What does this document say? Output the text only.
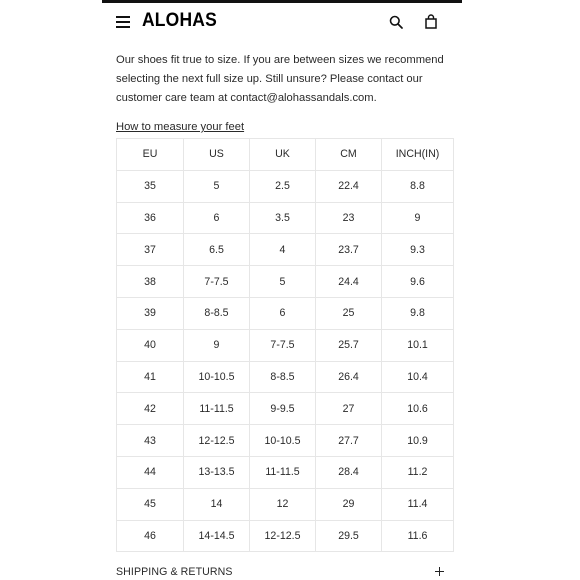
ALOHAS

Our shoes fit true to size. If you are between sizes we recommend

selecting the next full size up. Still unsure? Please contact our

customer care team at contact@alohassandals.com.

How to measure your feet
EU	US	UK	CM	INCH(IN)
35	5	2.5	22.4	8.8
36	6	3.5	23	9
37	6.5	4	23.7	9.3
38	7-7.5	5	24.4	9.6
39	8-8.5	6	25	9.8
40	9	7-7.5	25.7	10.1
41	10-10.5	8-8.5	26.4	10.4
42	11-11.5	9-9.5	27	10.6
43	12-12.5	10-10.5	27.7	10.9
44	13-13.5	11-11.5	28.4	11.2
45	14	12	29	11.4
46	14-14.5	12-12.5	29.5	11.6
SHIPPING & RETURNS
